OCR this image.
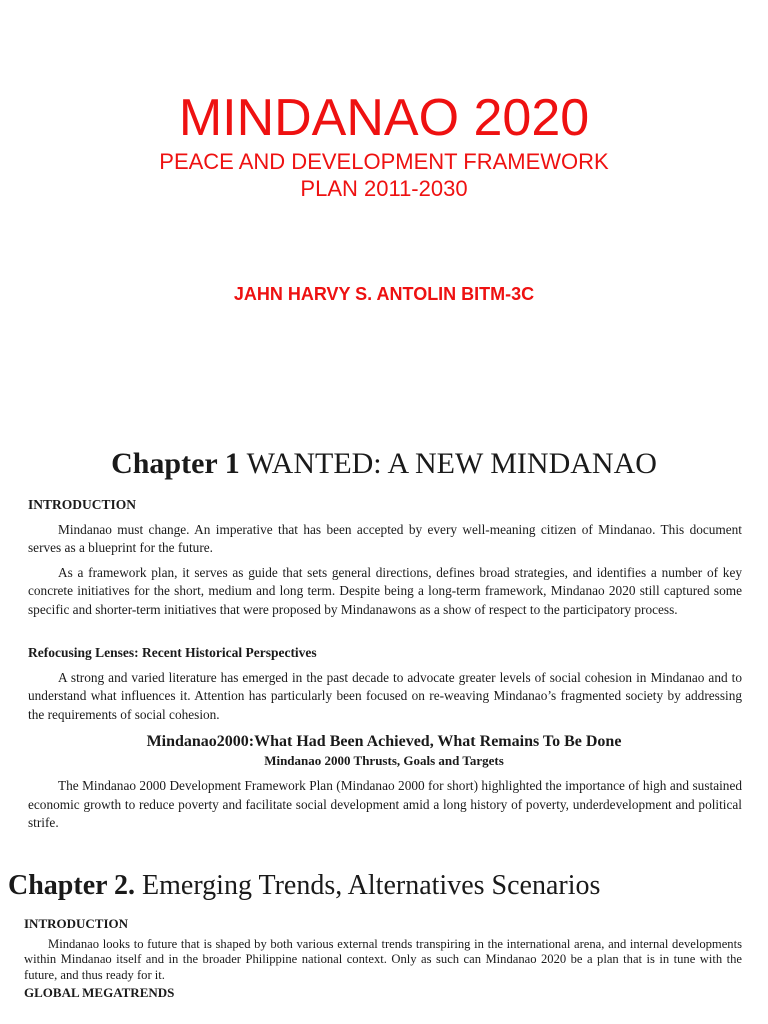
MINDANAO 2020
PEACE AND DEVELOPMENT FRAMEWORK
PLAN 2011-2030
JAHN HARVY S. ANTOLIN BITM-3C
Chapter 1 WANTED: A NEW MINDANAO

INTRODUCTION

Mindanao must change. An imperative that has been accepted by every well-meaning citizen of Mindanao. This document serves as a blueprint for the future.

As a framework plan, it serves as guide that sets general directions, defines broad strategies, and identifies a number of key concrete initiatives for the short, medium and long term. Despite being a long-term framework, Mindanao 2020 still captured some specific and shorter-term initiatives that were proposed by Mindanawons as a show of respect to the participatory process.

Refocusing Lenses: Recent Historical Perspectives

A strong and varied literature has emerged in the past decade to advocate greater levels of social cohesion in Mindanao and to understand what influences it. Attention has particularly been focused on re-weaving Mindanao’s fragmented society by addressing the requirements of social cohesion.

Mindanao2000:What Had Been Achieved, What Remains To Be Done
Mindanao 2000 Thrusts, Goals and Targets

The Mindanao 2000 Development Framework Plan (Mindanao 2000 for short) highlighted the importance of high and sustained economic growth to reduce poverty and facilitate social development amid a long history of poverty, underdevelopment and political strife.

Chapter 2. Emerging Trends, Alternatives Scenarios

INTRODUCTION

Mindanao looks to future that is shaped by both various external trends transpiring in the international arena, and internal developments within Mindanao itself and in the broader Philippine national context. Only as such can Mindanao 2020 be a plan that is in tune with the future, and thus ready for it.

GLOBAL MEGATRENDS
